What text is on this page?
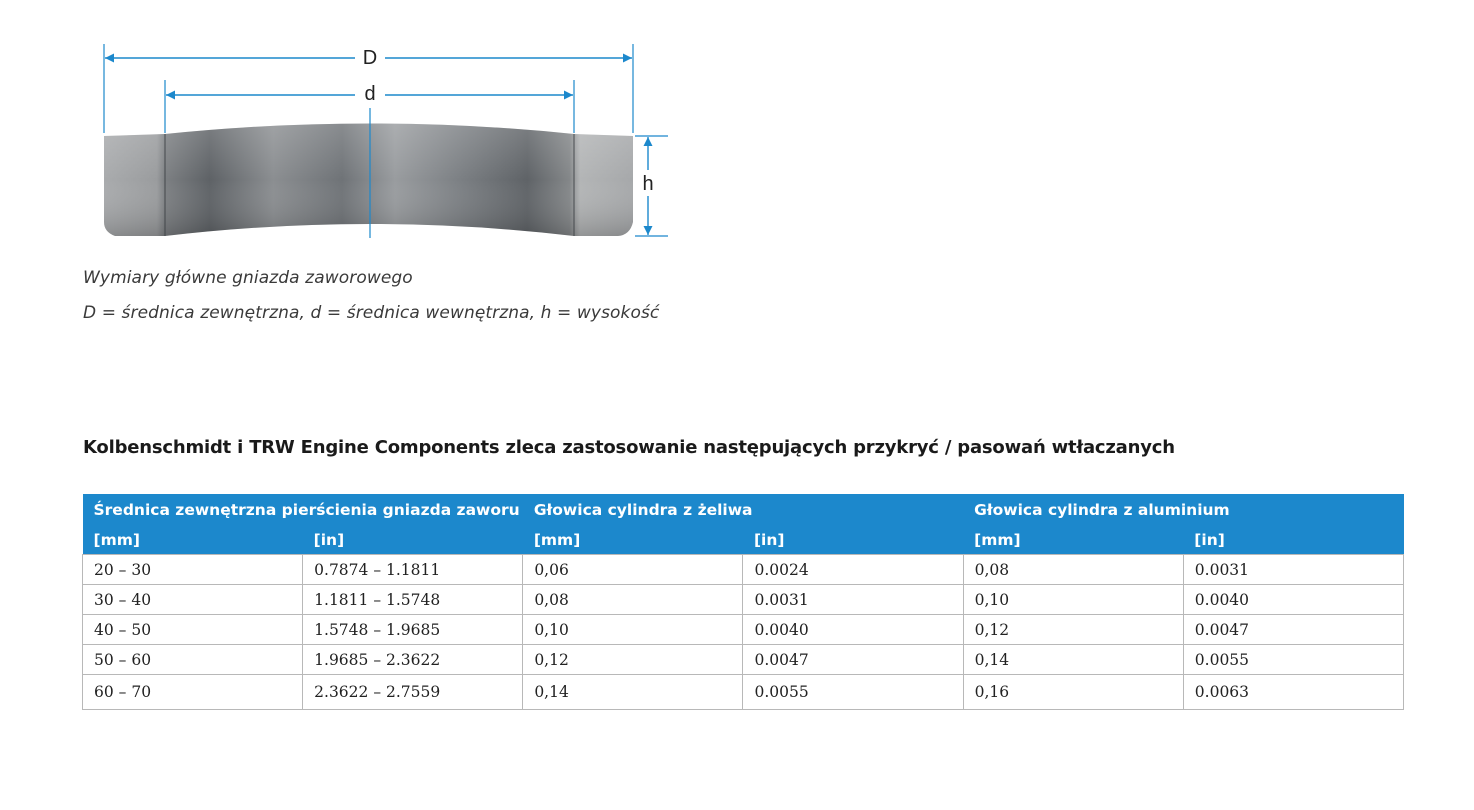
D
d
h
Wymiary główne gniazda zaworowego
D = średnica zewnętrzna, d = średnica wewnętrzna, h = wysokość
Kolbenschmidt i TRW Engine Components zleca zastosowanie następujących przykryć / pasowań wtłaczanych
Średnica zewnętrzna pierścienia gniazda zaworu		Głowica cylindra z żeliwa		Głowica cylindra z aluminium	
[mm]	[in]	[mm]	[in]	[mm]	[in]
20 – 30	0.7874 – 1.1811	0,06	0.0024	0,08	0.0031
30 – 40	1.1811 – 1.5748	0,08	0.0031	0,10	0.0040
40 – 50	1.5748 – 1.9685	0,10	0.0040	0,12	0.0047
50 – 60	1.9685 – 2.3622	0,12	0.0047	0,14	0.0055
60 – 70	2.3622 – 2.7559	0,14	0.0055	0,16	0.0063
